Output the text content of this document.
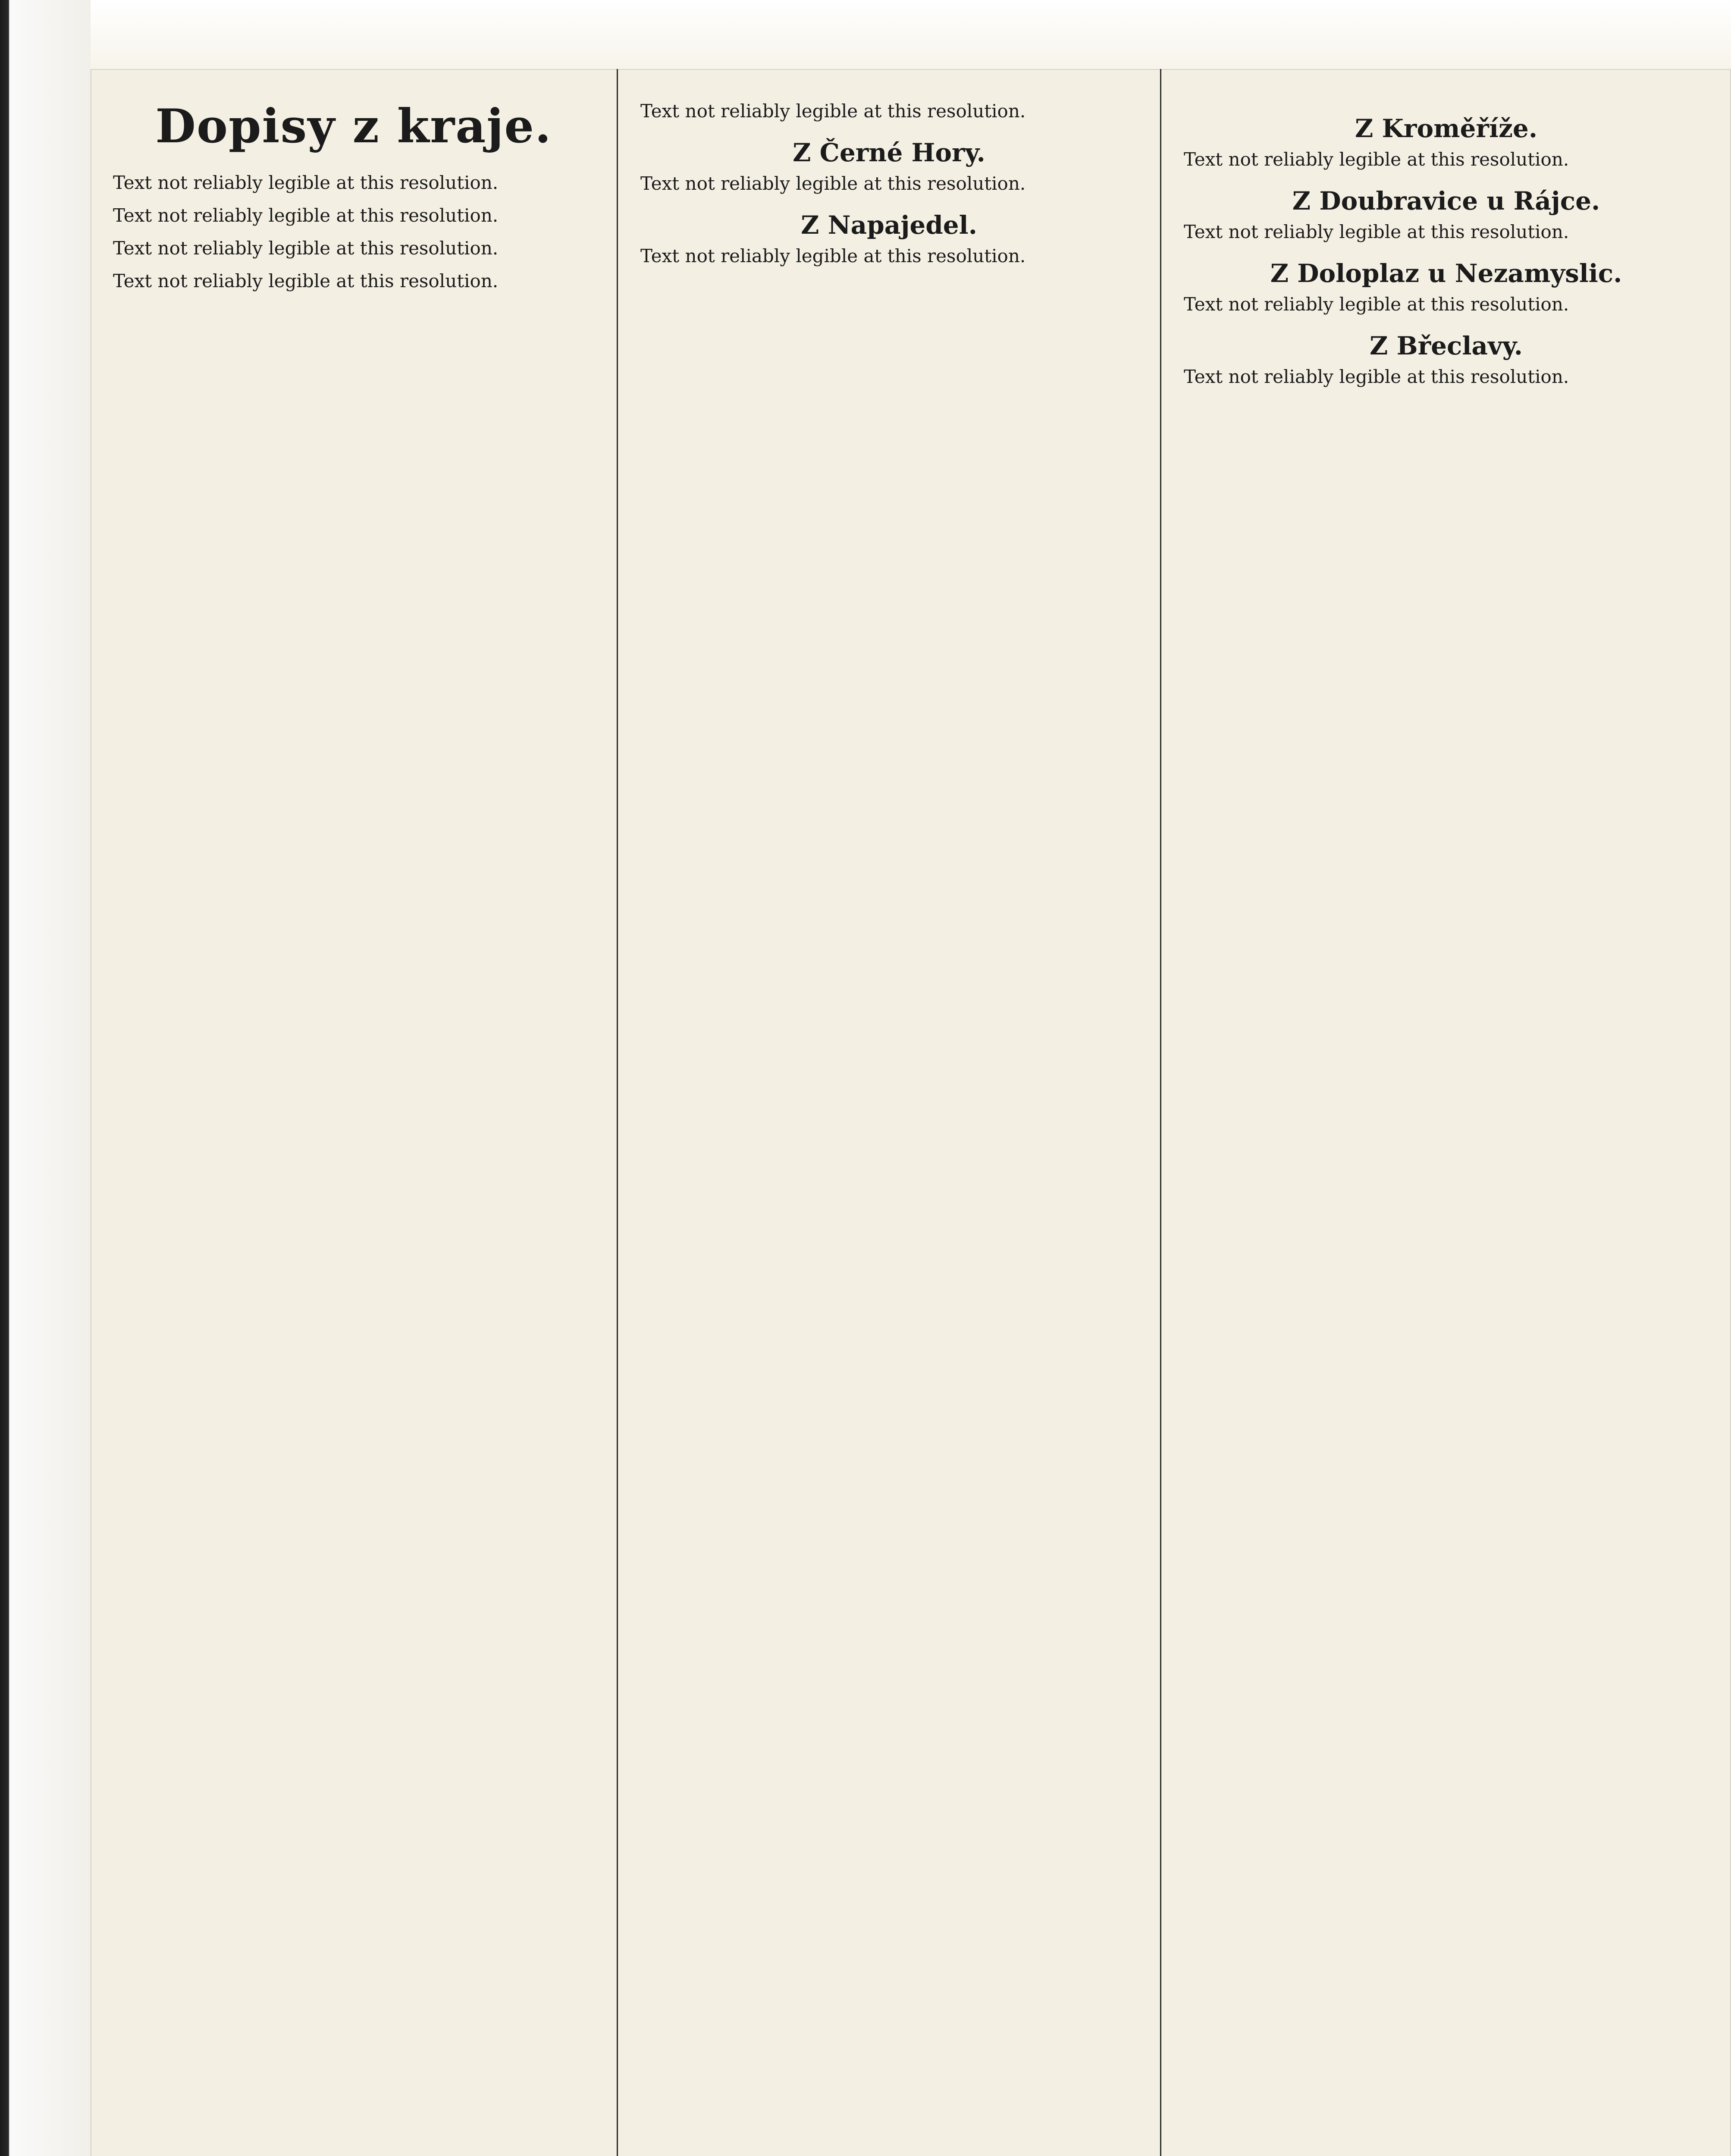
Dopisy z kraje.
Text not reliably legible at this resolution.
Text not reliably legible at this resolution.
Text not reliably legible at this resolution.
Text not reliably legible at this resolution.
Text not reliably legible at this resolution.
Z Černé Hory.
Text not reliably legible at this resolution.
Z Napajedel.
Text not reliably legible at this resolution.
Z Kroměříže.
Text not reliably legible at this resolution.
Z Doubravice u Rájce.
Text not reliably legible at this resolution.
Z Doloplaz u Nezamyslic.
Text not reliably legible at this resolution.
Z Břeclavy.
Text not reliably legible at this resolution.
